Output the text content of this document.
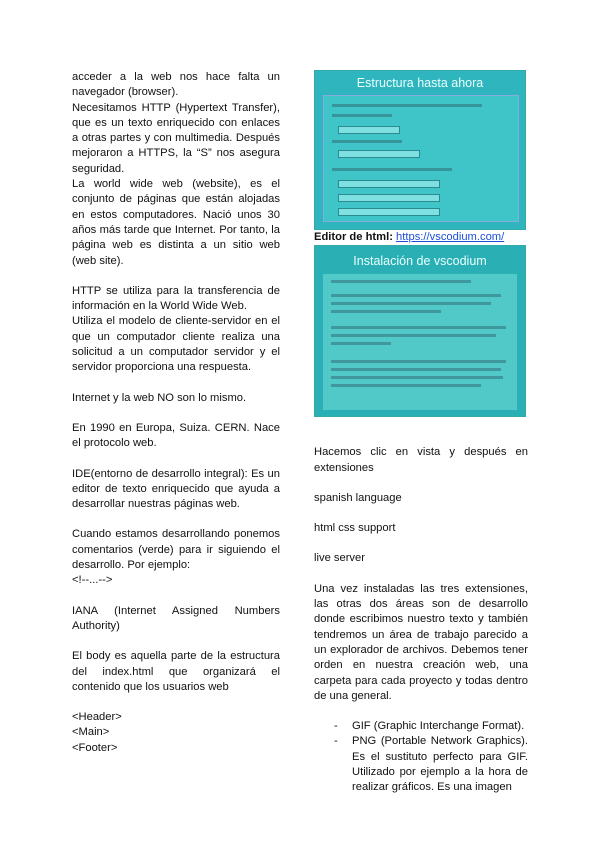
acceder a la web nos hace falta un navegador (browser).

Necesitamos HTTP (Hypertext Transfer), que es un texto enriquecido con enlaces a otras partes y con multimedia. Después mejoraron a HTTPS, la “S” nos asegura seguridad.

La world wide web (website), es el conjunto de páginas que están alojadas en estos computadores. Nació unos 30 años más tarde que Internet. Por tanto, la página web es distinta a un sitio web (web site).

HTTP se utiliza para la transferencia de información en la World Wide Web.

Utiliza el modelo de cliente-servidor en el que un computador cliente realiza una solicitud a un computador servidor y el servidor proporciona una respuesta.

Internet y la web NO son lo mismo.

En 1990 en Europa, Suiza. CERN. Nace el protocolo web.

IDE(entorno de desarrollo integral): Es un editor de texto enriquecido que ayuda a desarrollar nuestras páginas web.

Cuando estamos desarrollando ponemos comentarios (verde) para ir siguiendo el desarrollo. Por ejemplo:

<!--...-->

IANA (Internet Assigned Numbers Authority)

El body es aquella parte de la estructura del index.html que organizará el contenido que los usuarios web

<Header>

<Main>

<Footer>

Estructura hasta ahora

Editor de html: https://vscodium.com/

Instalación de vscodium

Hacemos clic en vista y después en extensiones

spanish language

html css support

live server

Una vez instaladas las tres extensiones, las otras dos áreas son de desarrollo donde escribimos nuestro texto y también tendremos un área de trabajo parecido a un explorador de archivos. Debemos tener orden en nuestra creación web, una carpeta para cada proyecto y todas dentro de una general.

- GIF (Graphic Interchange Format).
- PNG (Portable Network Graphics). Es el sustituto perfecto para GIF. Utilizado por ejemplo a la hora de realizar gráficos. Es una imagen
